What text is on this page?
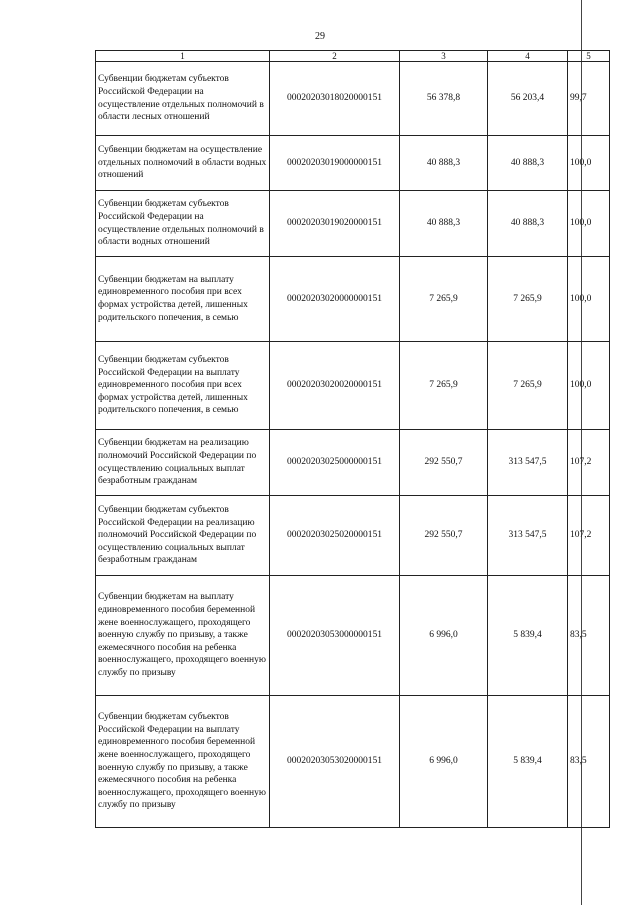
29
1	2	3	4	5
Субвенции бюджетам субъектов Российской Федерации на осуществление отдельных полномочий в области лесных отношений	00020203018020000151	56 378,8	56 203,4	99,7
Субвенции бюджетам на осуществление отдельных полномочий в области водных отношений	00020203019000000151	40 888,3	40 888,3	100,0
Субвенции бюджетам субъектов Российской Федерации на осуществление отдельных полномочий в области водных отношений	00020203019020000151	40 888,3	40 888,3	100,0
Субвенции бюджетам на выплату единовременного пособия при всех формах устройства детей, лишенных родительского попечения, в семью	00020203020000000151	7 265,9	7 265,9	100,0
Субвенции бюджетам субъектов Российской Федерации на выплату единовременного пособия при всех формах устройства детей, лишенных родительского попечения, в семью	00020203020020000151	7 265,9	7 265,9	100,0
Субвенции бюджетам на реализацию полномочий Российской Федерации по осуществлению социальных выплат безработным гражданам	00020203025000000151	292 550,7	313 547,5	107,2
Субвенции бюджетам субъектов Российской Федерации на реализацию полномочий Российской Федерации по осуществлению социальных выплат безработным гражданам	00020203025020000151	292 550,7	313 547,5	107,2
Субвенции бюджетам на выплату единовременного пособия беременной жене военнослужащего, проходящего военную службу по призыву, а также ежемесячного пособия на ребенка военнослужащего, проходящего военную службу по призыву	00020203053000000151	6 996,0	5 839,4	83,5
Субвенции бюджетам субъектов Российской Федерации на выплату единовременного пособия беременной жене военнослужащего, проходящего военную службу по призыву, а также ежемесячного пособия на ребенка военнослужащего, проходящего военную службу по призыву	00020203053020000151	6 996,0	5 839,4	83,5
